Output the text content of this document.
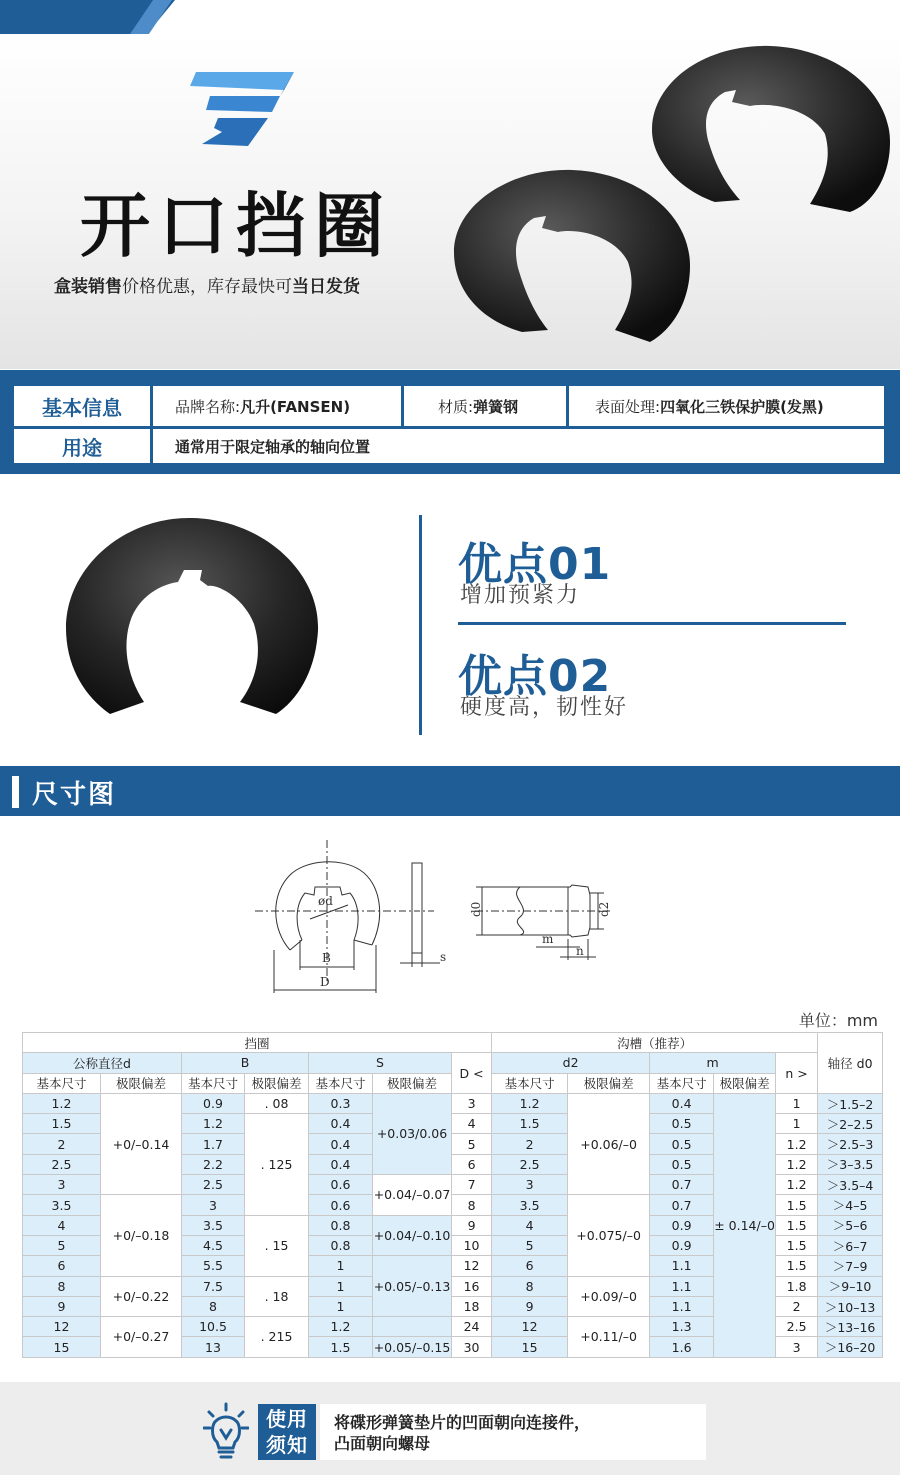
开口挡圈
盒装销售价格优惠，库存最快可当日发货
基本信息	品牌名称: 凡升(FANSEN)	材质: 弹簧钢	表面处理: 四氧化三铁保护膜(发黑)
用途	通常用于限定轴承的轴向位置
优点01
增加预紧力
优点02
硬度高，韧性好
尺寸图
ød
B
D
s
d0	d2
m
n
单位：mm
挡圈							沟槽（推荐）					轴径 d0
公称直径d		B		S		D <	d2		m		n >	
基本尺寸	极限偏差	基本尺寸	极限偏差	基本尺寸	极限偏差		基本尺寸	极限偏差	基本尺寸	极限偏差		
1.2	+0/–0.14	0.9	. 08	0.3	+0.03/0.06	3	1.2	+0.06/–0	0.4	± 0.14/–0	1	＞1.5–2
1.5		1.2	. 125	0.4		4	1.5		0.5		1	＞2–2.5
2		1.7		0.4		5	2		0.5		1.2	＞2.5–3
2.5		2.2		0.4		6	2.5		0.5		1.2	＞3–3.5
3		2.5		0.6	+0.04/–0.07	7	3		0.7		1.2	＞3.5–4
3.5	+0/–0.18	3		0.6		8	3.5	+0.075/–0	0.7		1.5	＞4–5
4		3.5	. 15	0.8	+0.04/–0.10	9	4		0.9		1.5	＞5–6
5		4.5		0.8		10	5		0.9		1.5	＞6–7
6		5.5		1	+0.05/–0.13	12	6		1.1		1.5	＞7–9
8	+0/–0.22	7.5	. 18	1		16	8	+0.09/–0	1.1		1.8	＞9–10
9		8		1		18	9		1.1		2	＞10–13
12	+0/–0.27	10.5	. 215	1.2		24	12	+0.11/–0	1.3		2.5	＞13–16
15		13		1.5	+0.05/–0.15	30	15		1.6		3	＞16–20
使用
须知
将碟形弹簧垫片的凹面朝向连接件，
凸面朝向螺母
